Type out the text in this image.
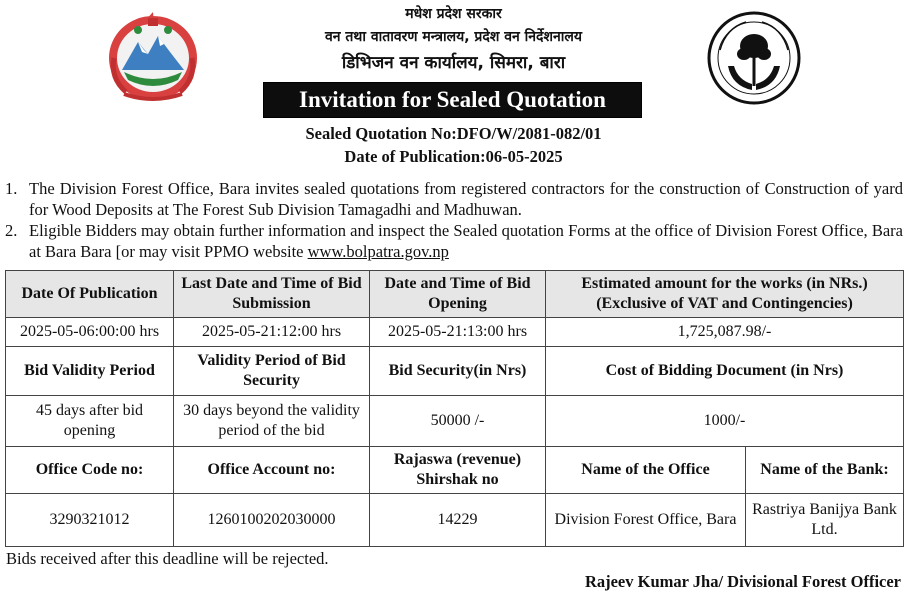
मधेश प्रदेश सरकार
वन तथा वातावरण मन्त्रालय, प्रदेश वन निर्देशनालय
डिभिजन वन कार्यालय, सिमरा, बारा
Invitation for Sealed Quotation
Sealed Quotation No:DFO/W/2081-082/01
Date of Publication:06-05-2025
1. The Division Forest Office, Bara invites sealed quotations from registered contractors for the construction of Construction of yard for Wood Deposits at The Forest Sub Division Tamagadhi and Madhuwan.
2. Eligible Bidders may obtain further information and inspect the Sealed quotation Forms at the office of Division Forest Office, Bara at Bara Bara [or may visit PPMO website www.bolpatra.gov.np
Date Of Publication	Last Date and Time of Bid Submission	Date and Time of Bid Opening	Estimated amount for the works (in NRs.) (Exclusive of VAT and Contingencies)	
2025-05-06:00:00 hrs	2025-05-21:12:00 hrs	2025-05-21:13:00 hrs	1,725,087.98/-	
Bid Validity Period	Validity Period of Bid Security	Bid Security(in Nrs)	Cost of Bidding Document (in Nrs)	
45 days after bid opening	30 days beyond the validity period of the bid	50000 /-	1000/-	
Office Code no:	Office Account no:	Rajaswa (revenue) Shirshak no	Name of the Office	Name of the Bank:
3290321012	1260100202030000	14229	Division Forest Office, Bara	Rastriya Banijya Bank Ltd.
Bids received after this deadline will be rejected.
Rajeev Kumar Jha/ Divisional Forest Officer
